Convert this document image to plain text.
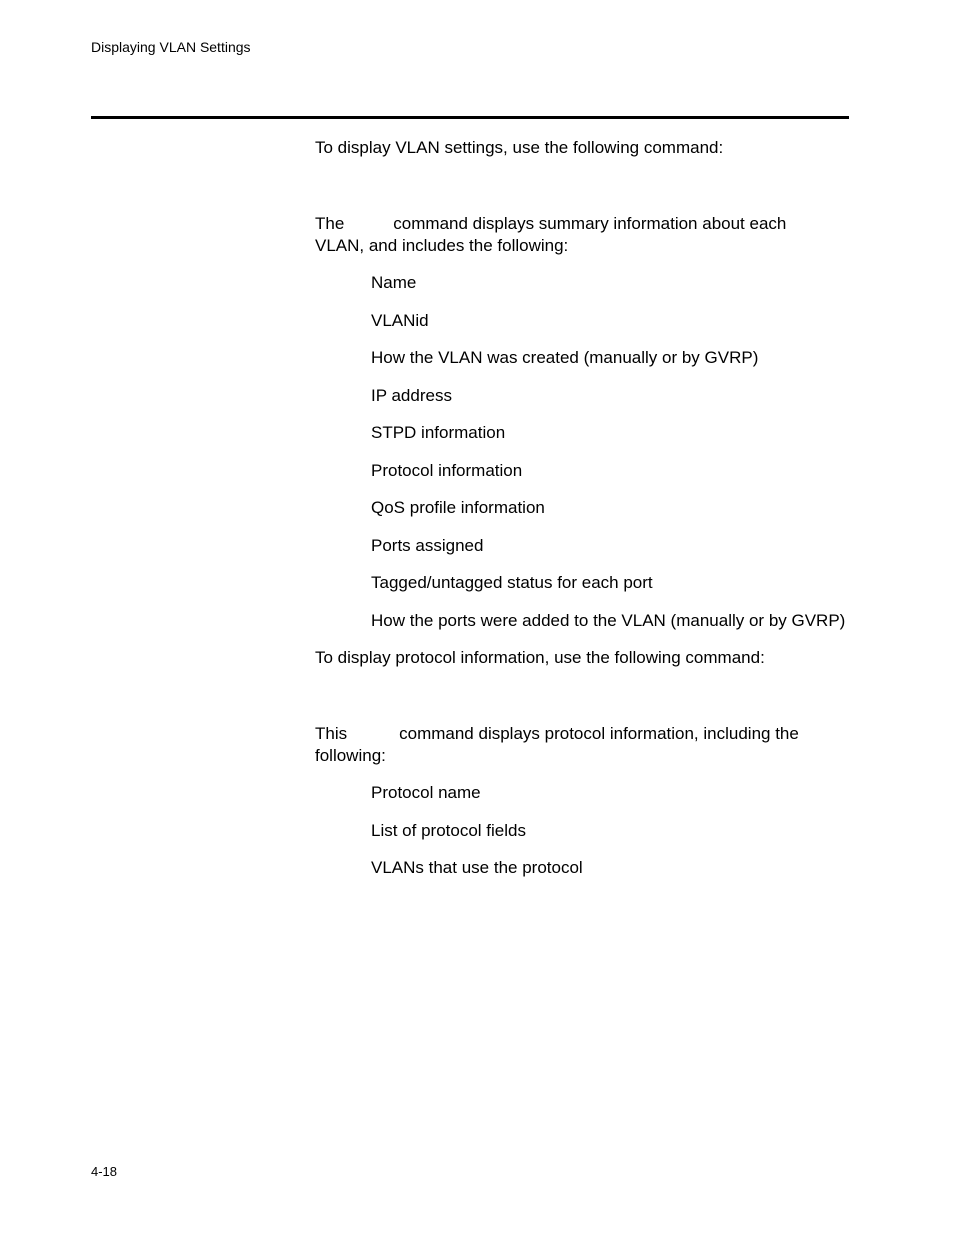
Displaying VLAN Settings

To display VLAN settings, use the following command:

The	command displays summary information about each
VLAN, and includes the following:

Name
VLANid
How the VLAN was created (manually or by GVRP)
IP address
STPD information
Protocol information
QoS profile information
Ports assigned
Tagged/untagged status for each port
How the ports were added to the VLAN (manually or by GVRP)

To display protocol information, use the following command:

This	command displays protocol information, including the
following:

Protocol name
List of protocol fields
VLANs that use the protocol
4-18
